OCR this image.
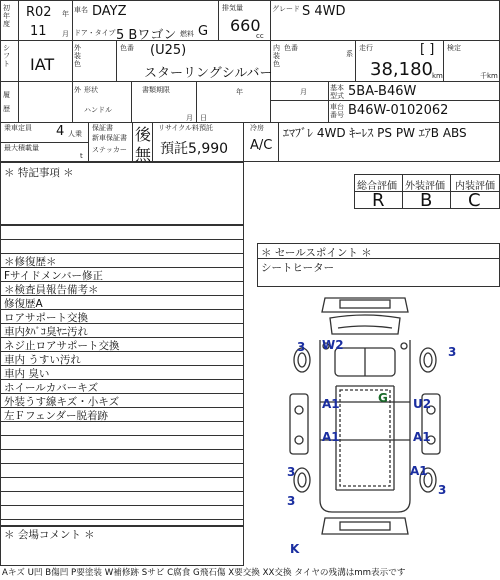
初年度
R02 年
11 月
車名 DAYZ
ドア・タイプ 5 Bワゴン 燃料 G
排気量
660
cc
グレード S 4WD
シフト IAT
外装色
色番 (U25)
スターリングシルバー
内装色
色番
系
走行	[ ]
38,180 km
検定
千km
履歴
外 形状
ハンドル
書類期限
月
年	月
日
基本型式 5BA-B46W
車台番号 B46W-0102062
乗車定員 4 人乗
最大積載量
t
保証書
新車保証書
ステッカー
後
無
リサイクル料預託
預託5,990
冷房
A/C
ｴﾏﾌﾞﾚ 4WD ｷｰﾚｽ PS PW ｴｱB ABS
＊ 特記事項 ＊
総合評価 外装評価 内装評価
R B C
＊ セールスポイント ＊
シートヒーター
＊修復歴＊
Fサイドメンバー修正
＊検査員報告備考＊
修復歴A
ロアサポート交換
車内ﾀﾊﾞｺ臭ﾔﾆ汚れ
ネジ止ロアサポート交換
車内 うすい汚れ
車内 臭い
ホイールカバーキズ
外装うす線キズ・小キズ
左Ｆフェンダー脱着跡
＊ 会場コメント ＊
3 W2	3
A1	U2
G
A1	A1
A1
3
3
3
K
Aキズ U凹 B傷凹 P要塗装 W補修跡 Sサビ C腐食 G飛石傷 X要交換 XX交換 タイヤの残溝はmm表示です
